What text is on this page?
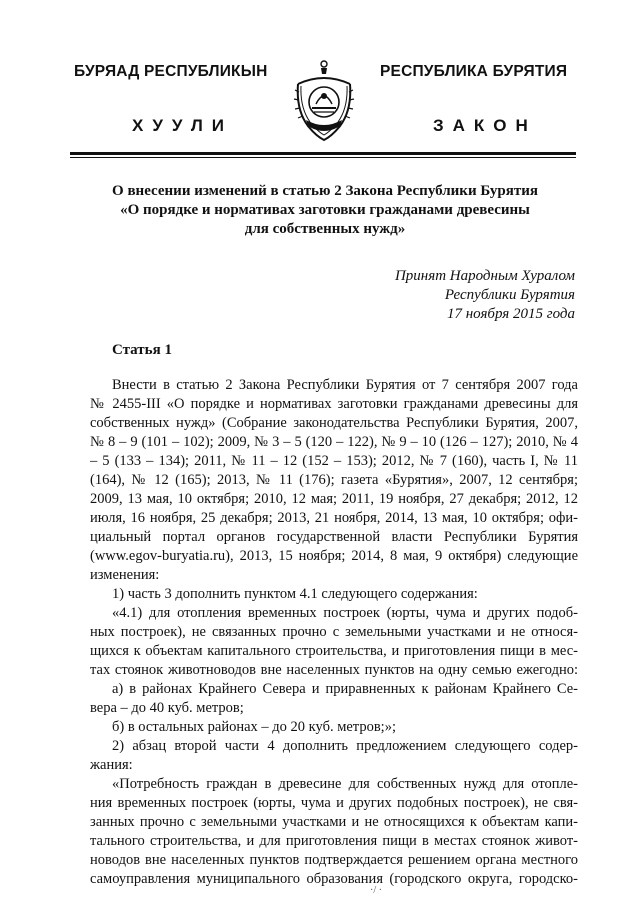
БУРЯАД РЕСПУБЛИКЫН	РЕСПУБЛИКА БУРЯТИЯ
ХУУЛИ	ЗАКОН
О внесении изменений в статью 2 Закона Республики Бурятия
«О порядке и нормативах заготовки гражданами древесины
для собственных нужд»
Принят Народным Хуралом
Республики Бурятия
17 ноября 2015 года
Статья 1
Внести в статью 2 Закона Республики Бурятия от 7 сентября 2007 года
№ 2455-III «О порядке и нормативах заготовки гражданами древесины для
собственных нужд» (Собрание законодательства Республики Бурятия, 2007,
№ 8 – 9 (101 – 102); 2009, № 3 – 5 (120 – 122), № 9 – 10 (126 – 127); 2010, № 4
– 5 (133 – 134); 2011, № 11 – 12 (152 – 153); 2012, № 7 (160), часть I, № 11
(164), № 12 (165); 2013, № 11 (176); газета «Бурятия», 2007, 12 сентября;
2009, 13 мая, 10 октября; 2010, 12 мая; 2011, 19 ноября, 27 декабря; 2012, 12
июля, 16 ноября, 25 декабря; 2013, 21 ноября, 2014, 13 мая, 10 октября; офи-
циальный портал органов государственной власти Республики Бурятия
(www.egov-buryatia.ru), 2013, 15 ноября; 2014, 8 мая, 9 октября) следующие
изменения:
1) часть 3 дополнить пунктом 4.1 следующего содержания:
«4.1) для отопления временных построек (юрты, чума и других подоб-
ных построек), не связанных прочно с земельными участками и не относя-
щихся к объектам капитального строительства, и приготовления пищи в мес-
тах стоянок животноводов вне населенных пунктов на одну семью ежегодно:
а) в районах Крайнего Севера и приравненных к районам Крайнего Се-
вера – до 40 куб. метров;
б) в остальных районах – до 20 куб. метров;»;
2) абзац второй части 4 дополнить предложением следующего содер-
жания:
«Потребность граждан в древесине для собственных нужд для отопле-
ния временных построек (юрты, чума и других подобных построек), не свя-
занных прочно с земельными участками и не относящихся к объектам капи-
тального строительства, и для приготовления пищи в местах стоянок живот-
новодов вне населенных пунктов подтверждается решением органа местного
самоуправления муниципального образования (городского округа, городско-
·/ ·
